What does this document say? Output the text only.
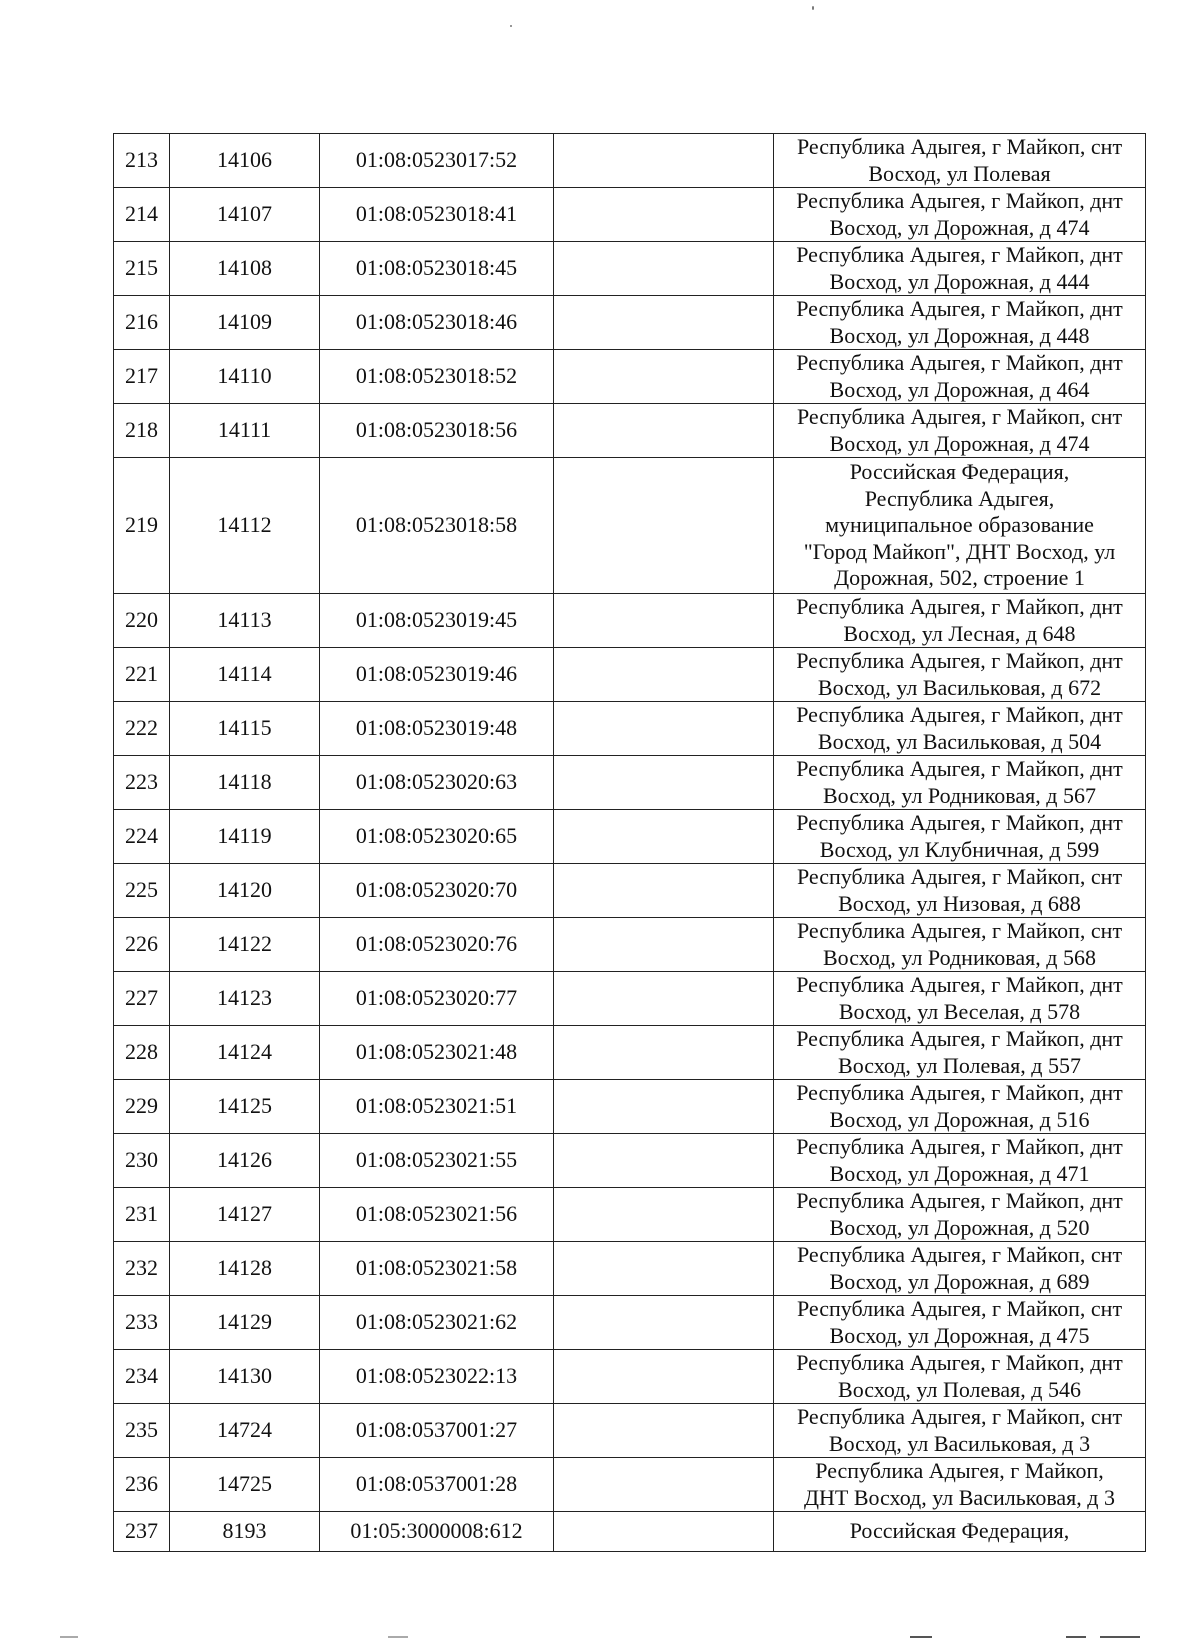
213	14106	01:08:0523017:52		Республика Адыгея, г Майкоп, снт
Восход, ул Полевая

214	14107	01:08:0523018:41		Республика Адыгея, г Майкоп, днт
Восход, ул Дорожная, д 474

215	14108	01:08:0523018:45		Республика Адыгея, г Майкоп, днт
Восход, ул Дорожная, д 444

216	14109	01:08:0523018:46		Республика Адыгея, г Майкоп, днт
Восход, ул Дорожная, д 448

217	14110	01:08:0523018:52		Республика Адыгея, г Майкоп, днт
Восход, ул Дорожная, д 464

218	14111	01:08:0523018:56		Республика Адыгея, г Майкоп, снт
Восход, ул Дорожная, д 474

219	14112	01:08:0523018:58		Российская Федерация,
Республика Адыгея,
муниципальное образование
"Город Майкоп", ДНТ Восход, ул
Дорожная, 502, строение 1

220	14113	01:08:0523019:45		Республика Адыгея, г Майкоп, днт
Восход, ул Лесная, д 648

221	14114	01:08:0523019:46		Республика Адыгея, г Майкоп, днт
Восход, ул Васильковая, д 672

222	14115	01:08:0523019:48		Республика Адыгея, г Майкоп, днт
Восход, ул Васильковая, д 504

223	14118	01:08:0523020:63		Республика Адыгея, г Майкоп, днт
Восход, ул Родниковая, д 567

224	14119	01:08:0523020:65		Республика Адыгея, г Майкоп, днт
Восход, ул Клубничная, д 599

225	14120	01:08:0523020:70		Республика Адыгея, г Майкоп, снт
Восход, ул Низовая, д 688

226	14122	01:08:0523020:76		Республика Адыгея, г Майкоп, снт
Восход, ул Родниковая, д 568

227	14123	01:08:0523020:77		Республика Адыгея, г Майкоп, днт
Восход, ул Веселая, д 578

228	14124	01:08:0523021:48		Республика Адыгея, г Майкоп, днт
Восход, ул Полевая, д 557

229	14125	01:08:0523021:51		Республика Адыгея, г Майкоп, днт
Восход, ул Дорожная, д 516

230	14126	01:08:0523021:55		Республика Адыгея, г Майкоп, днт
Восход, ул Дорожная, д 471

231	14127	01:08:0523021:56		Республика Адыгея, г Майкоп, днт
Восход, ул Дорожная, д 520

232	14128	01:08:0523021:58		Республика Адыгея, г Майкоп, снт
Восход, ул Дорожная, д 689

233	14129	01:08:0523021:62		Республика Адыгея, г Майкоп, снт
Восход, ул Дорожная, д 475

234	14130	01:08:0523022:13		Республика Адыгея, г Майкоп, днт
Восход, ул Полевая, д 546

235	14724	01:08:0537001:27		Республика Адыгея, г Майкоп, снт
Восход, ул Васильковая, д 3

236	14725	01:08:0537001:28		Республика Адыгея, г Майкоп,
ДНТ Восход, ул Васильковая, д 3

237	8193	01:05:3000008:612		Российская Федерация,
